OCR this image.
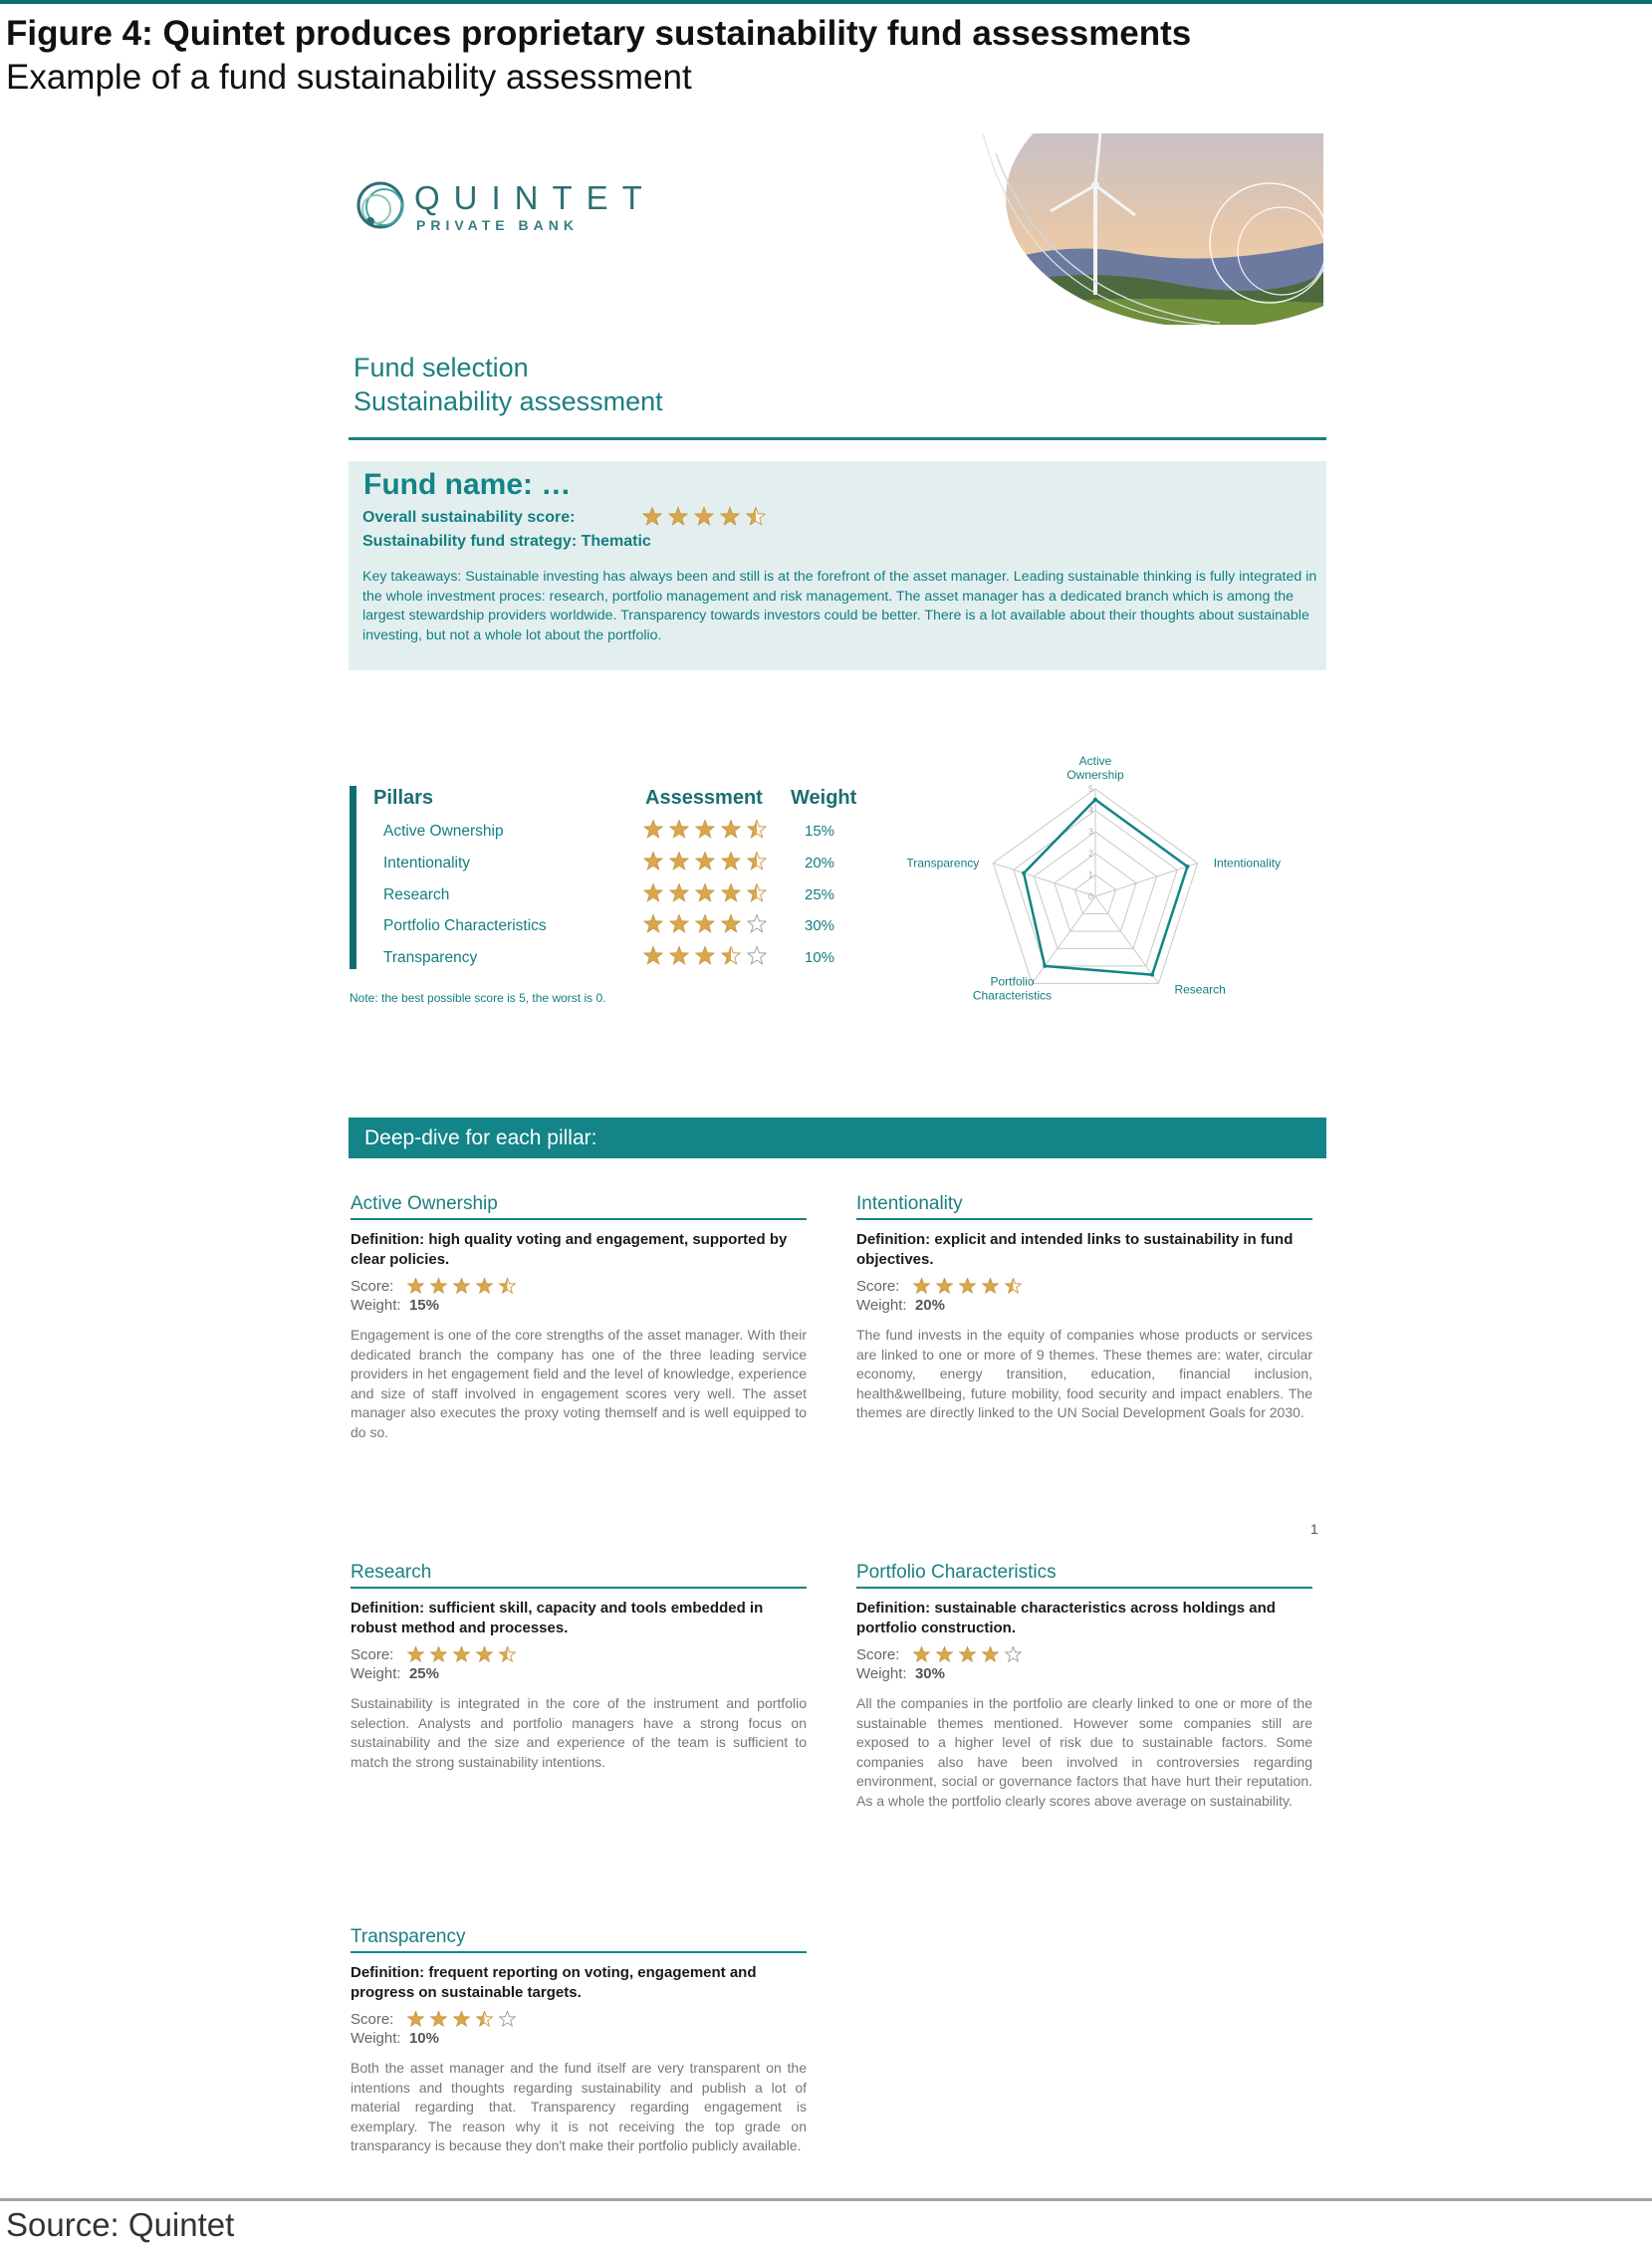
Figure 4: Quintet produces proprietary sustainability fund assessments
Example of a fund sustainability assessment
QUINTET
PRIVATE BANK
Fund selection
Sustainability assessment
Fund name: …
Overall sustainability score:
Sustainability fund strategy: Thematic
Key takeaways: Sustainable investing has always been and still is at the forefront of the asset manager. Leading sustainable thinking is fully integrated in the whole investment proces: research, portfolio management and risk management. The asset manager has a dedicated branch which is among the largest stewardship providers worldwide. Transparency towards investors could be better. There is a lot available about their thoughts about sustainable investing, but not a whole lot about the portfolio.
Pillars	Assessment Weight
Active Ownership	15%
Intentionality	20%
Research	25%
Portfolio Characteristics	30%
Transparency	10%
Note: the best possible score is 5, the worst is 0.
0
1
2
3
4
5
Active Ownership
Intentionality
Research
Portfolio Characteristics
Transparency
Deep-dive for each pillar:
Active Ownership
Definition: high quality voting and engagement, supported by clear policies.
Score:
Weight: 15%
Engagement is one of the core strengths of the asset manager. With their dedicated branch the company has one of the three leading service providers in het engagement field and the level of knowledge, experience and size of staff involved in engagement scores very well. The asset manager also executes the proxy voting themself and is well equipped to do so.
Intentionality
Definition: explicit and intended links to sustainability in fund objectives.
Score:
Weight: 20%
The fund invests in the equity of companies whose products or services are linked to one or more of 9 themes. These themes are: water, circular economy, energy transition, education, financial inclusion, health&wellbeing, future mobility, food security and impact enablers. The themes are directly linked to the UN Social Development Goals for 2030.
1
Research
Definition: sufficient skill, capacity and tools embedded in robust method and processes.
Score:
Weight: 25%
Sustainability is integrated in the core of the instrument and portfolio selection. Analysts and portfolio managers have a strong focus on sustainability and the size and experience of the team is sufficient to match the strong sustainability intentions.
Portfolio Characteristics
Definition: sustainable characteristics across holdings and portfolio construction.
Score:
Weight: 30%
All the companies in the portfolio are clearly linked to one or more of the sustainable themes mentioned. However some companies still are exposed to a higher level of risk due to sustainable factors. Some companies also have been involved in controversies regarding environment, social or governance factors that have hurt their reputation. As a whole the portfolio clearly scores above average on sustainability.
Transparency
Definition: frequent reporting on voting, engagement and progress on sustainable targets.
Score:
Weight: 10%
Both the asset manager and the fund itself are very transparent on the intentions and thoughts regarding sustainability and publish a lot of material regarding that. Transparency regarding engagement is exemplary. The reason why it is not receiving the top grade on transparancy is because they don't make their portfolio publicly available.
Source: Quintet
